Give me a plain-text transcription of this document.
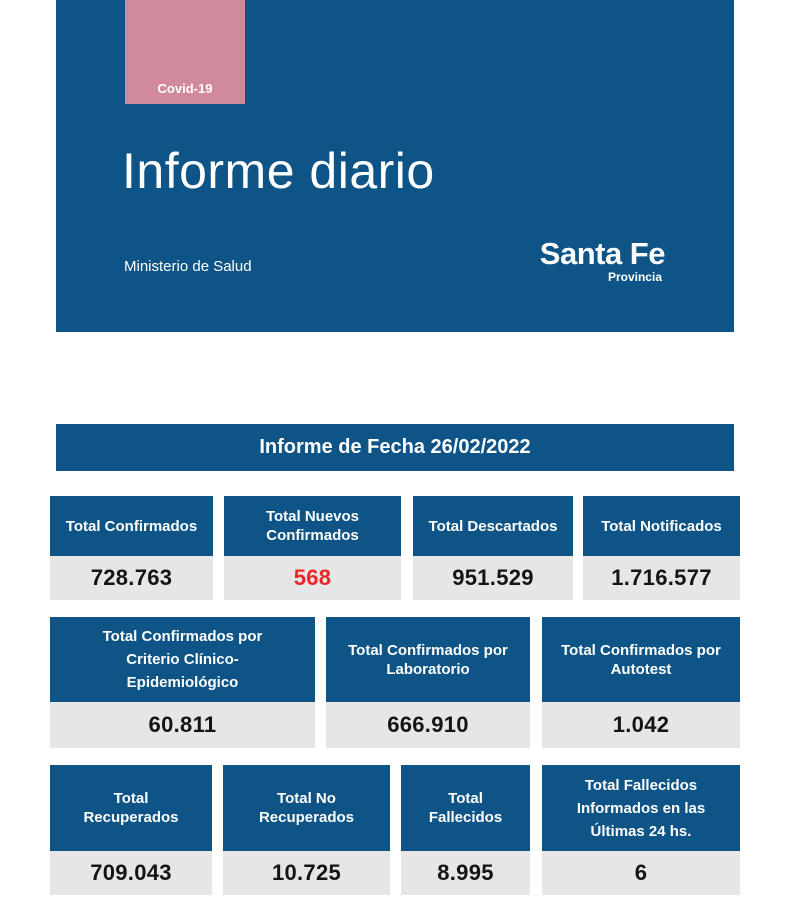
Covid-19
Informe diario
Ministerio de Salud	Santa Fe
Provincia
Informe de Fecha 26/02/2022
Total Confirmados
728.763
Total Nuevos Confirmados
568
Total Descartados
951.529
Total Notificados
1.716.577
Total Confirmados por Criterio Clínico-Epidemiológico
60.811
Total Confirmados por Laboratorio
666.910
Total Confirmados por Autotest
1.042
Total Recuperados
709.043
Total No Recuperados
10.725
Total Fallecidos
8.995
Total Fallecidos Informados en las Últimas 24 hs.
6
